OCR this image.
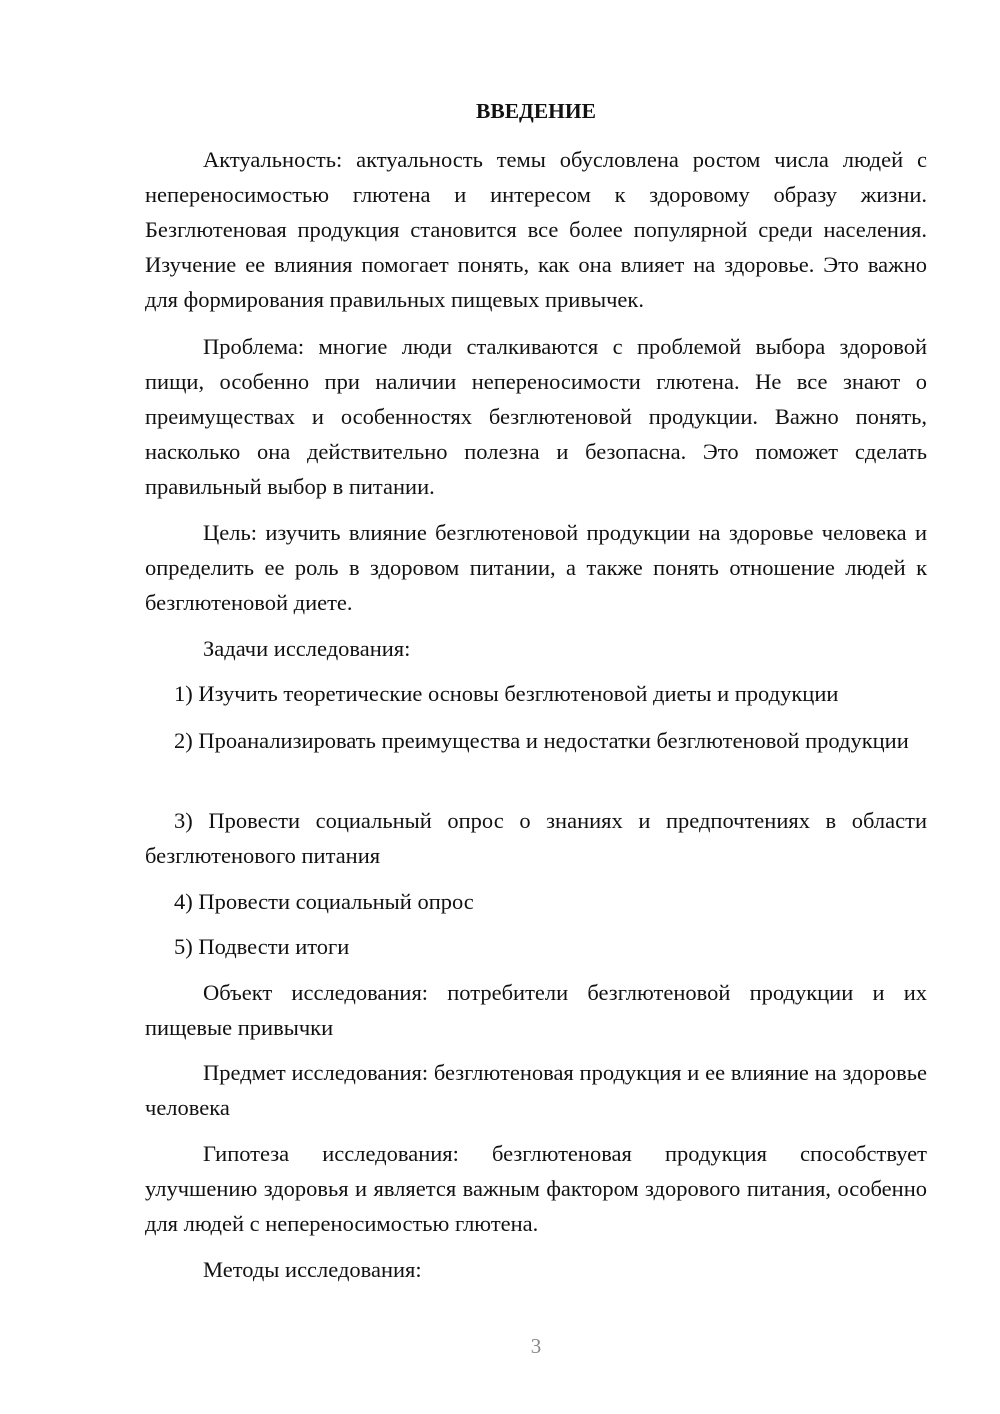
ВВЕДЕНИЕ

Актуальность: актуальность темы обусловлена ростом числа людей с непереносимостью глютена и интересом к здоровому образу жизни. Безглютеновая продукция становится все более популярной среди населения. Изучение ее влияния помогает понять, как она влияет на здоровье. Это важно для формирования правильных пищевых привычек.

Проблема: многие люди сталкиваются с проблемой выбора здоровой пищи, особенно при наличии непереносимости глютена. Не все знают о преимуществах и особенностях безглютеновой продукции. Важно понять, насколько она действительно полезна и безопасна. Это поможет сделать правильный выбор в питании.

Цель: изучить влияние безглютеновой продукции на здоровье человека и определить ее роль в здоровом питании, а также понять отношение людей к безглютеновой диете.

Задачи исследования:

1) Изучить теоретические основы безглютеновой диеты и продукции

2) Проанализировать преимущества и недостатки безглютеновой продукции

3) Провести социальный опрос о знаниях и предпочтениях в области безглютенового питания

4) Провести социальный опрос

5) Подвести итоги

Объект исследования: потребители безглютеновой продукции и их пищевые привычки

Предмет исследования: безглютеновая продукция и ее влияние на здоровье человека

Гипотеза исследования: безглютеновая продукция способствует улучшению здоровья и является важным фактором здорового питания, особенно для людей с непереносимостью глютена.

Методы исследования:

3
